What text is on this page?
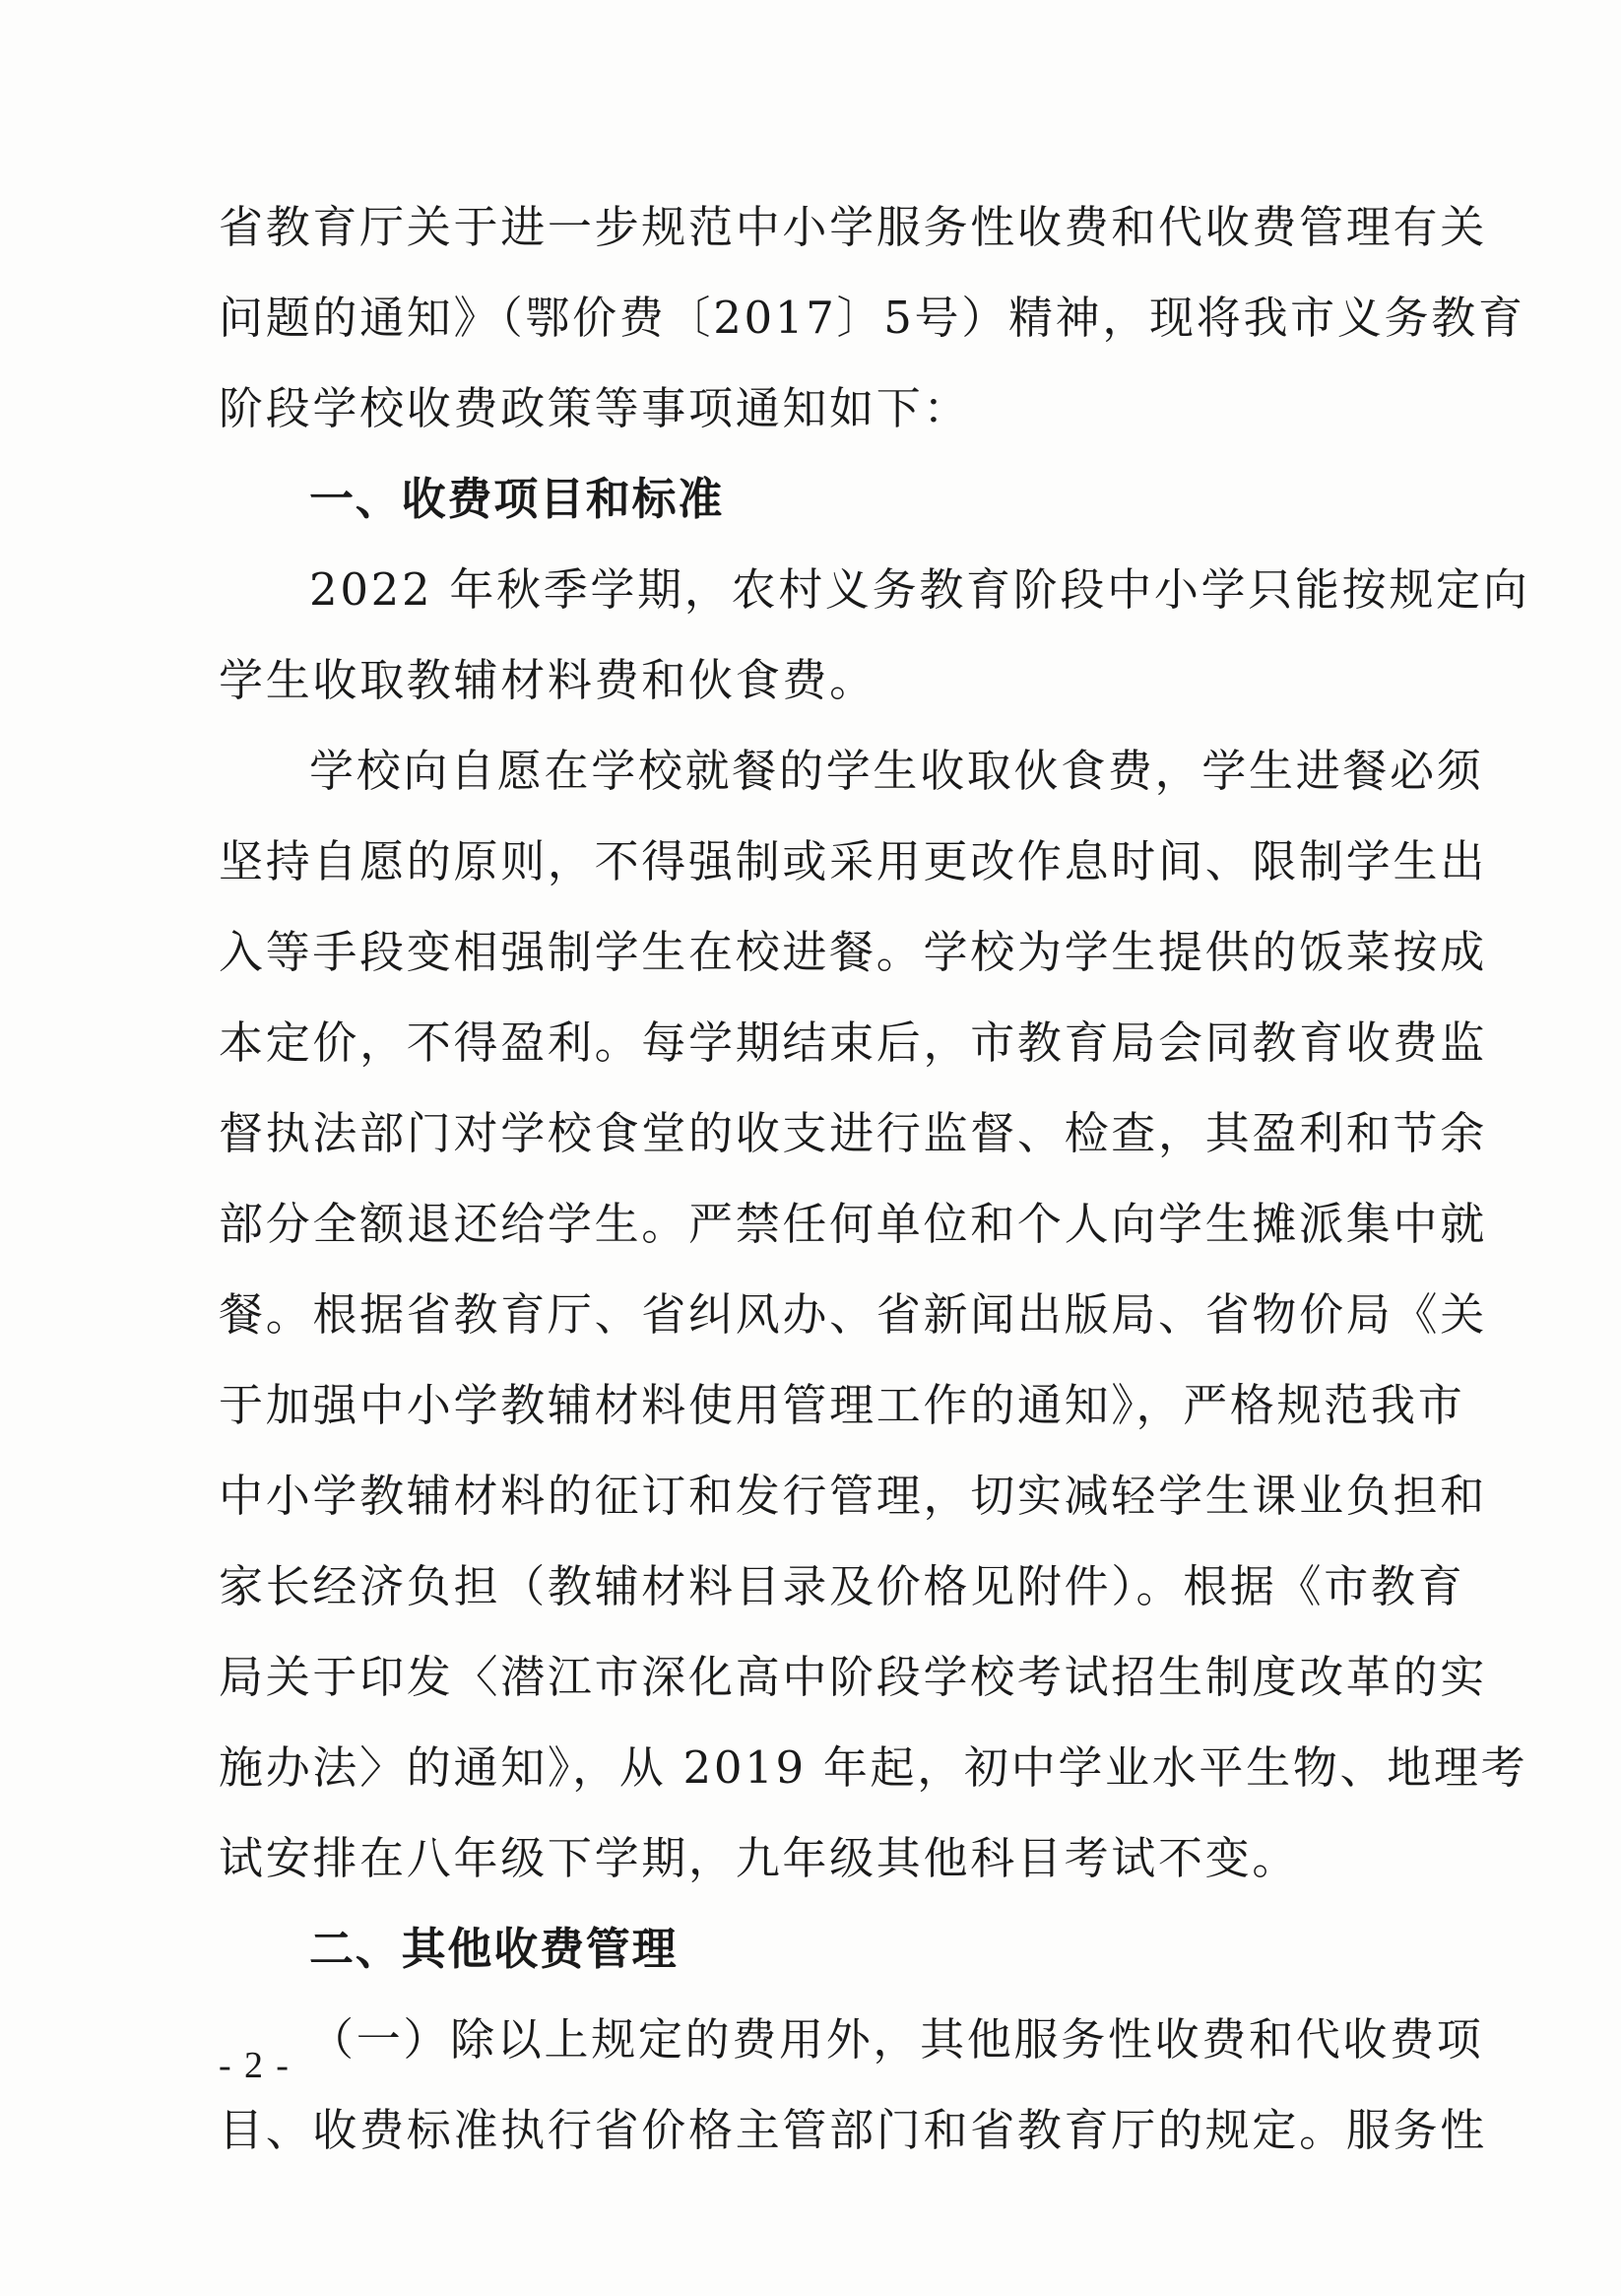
省教育厅关于进一步规范中小学服务性收费和代收费管理有关
问题的通知》（鄂价费〔2017〕5号）精神，现将我市义务教育
阶段学校收费政策等事项通知如下：
一、收费项目和标准
2022 年秋季学期，农村义务教育阶段中小学只能按规定向
学生收取教辅材料费和伙食费。
学校向自愿在学校就餐的学生收取伙食费，学生进餐必须
坚持自愿的原则，不得强制或采用更改作息时间、限制学生出
入等手段变相强制学生在校进餐。学校为学生提供的饭菜按成
本定价，不得盈利。每学期结束后，市教育局会同教育收费监
督执法部门对学校食堂的收支进行监督、检查，其盈利和节余
部分全额退还给学生。严禁任何单位和个人向学生摊派集中就
餐。根据省教育厅、省纠风办、省新闻出版局、省物价局《关
于加强中小学教辅材料使用管理工作的通知》，严格规范我市
中小学教辅材料的征订和发行管理，切实减轻学生课业负担和
家长经济负担（教辅材料目录及价格见附件）。根据《市教育
局关于印发〈潜江市深化高中阶段学校考试招生制度改革的实
施办法〉的通知》，从 2019 年起，初中学业水平生物、地理考
试安排在八年级下学期，九年级其他科目考试不变。
二、其他收费管理
（一）除以上规定的费用外，其他服务性收费和代收费项
目、收费标准执行省价格主管部门和省教育厅的规定。服务性
- 2 -
